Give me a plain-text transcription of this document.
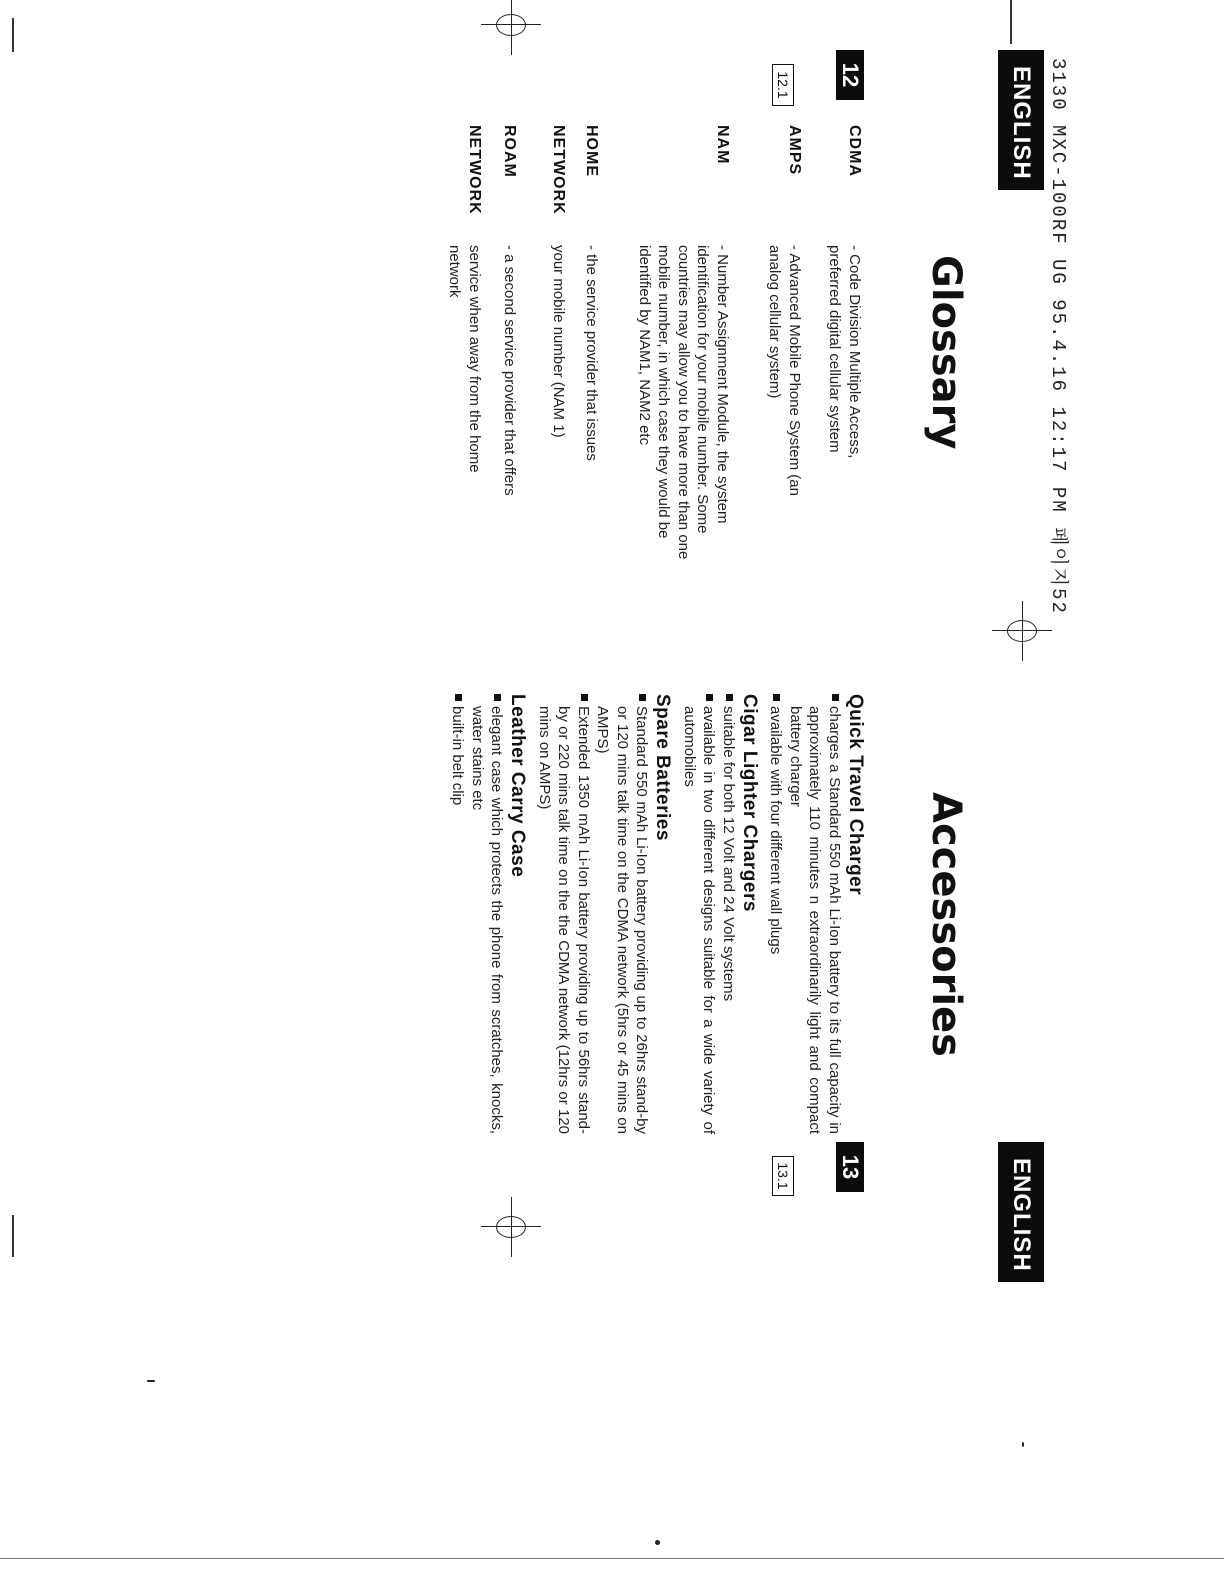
3130 MXC-100RF UG 95.4.16 12:17 PM 페이지52
ENGLISH
12
12.1
Glossary
CDMA
- Code Division Multiple Access, preferred digital cellular system
AMPS
- Advanced Mobile Phone System (an analog cellular system)
NAM
- Number Assignment Module, the system identification for your mobile number. Some countries may allow you to have more than one mobile number, in which case they would be identified by NAM1, NAM2 etc
HOME
- the service provider that issues
NETWORK
your mobile number (NAM 1)
ROAM
- a second service provider that offers
NETWORK
service when away from the home network
Accessories
ENGLISH
13
13.1
Quick Travel Charger
charges a Standard 550 mAh Li-Ion battery to its full capacity in approximately 110 minutes n extraordinarily light and compact battery charger
available with four different wall plugs
Cigar Lighter Chargers
suitable for both 12 Volt and 24 Volt systems
available in two different designs suitable for a wide variety of automobiles
Spare Batteries
Standard 550 mAh Li-Ion battery providing up to 26hrs stand-by or 120 mins talk time on the CDMA network (5hrs or 45 mins on AMPS)
Extended 1350 mAh Li-Ion battery providing up to 56hrs stand-by or 220 mins talk time on the the CDMA network (12hrs or 120 mins on AMPS)
Leather Carry Case
elegant case which protects the phone from scratches, knocks, water stains etc
built-in belt clip
